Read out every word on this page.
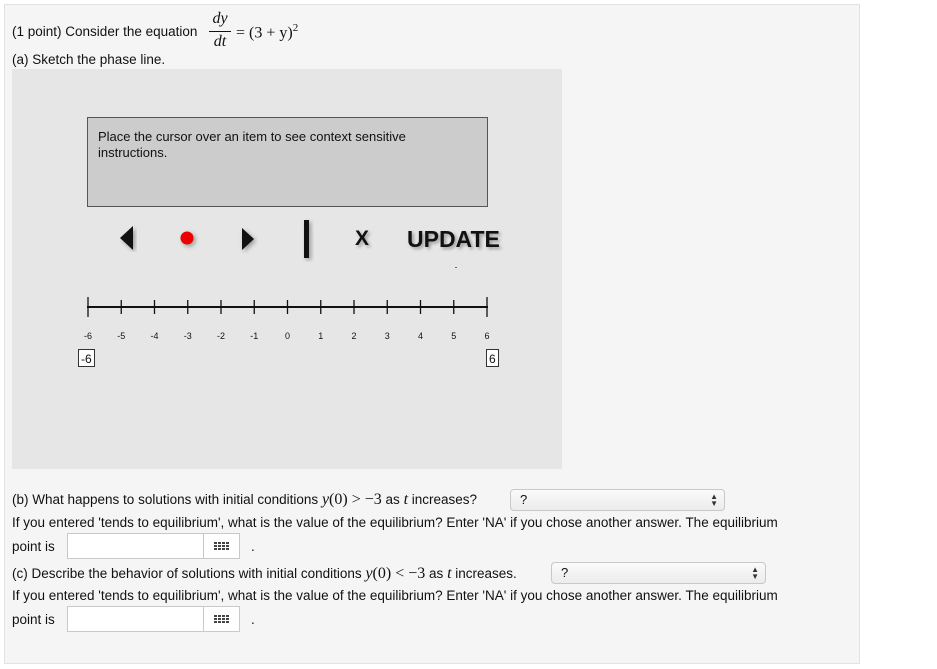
(1 point) Consider the equation
dy
dt
= $(3 + y)^2$
(a) Sketch the phase line.
Place the cursor over an item to see context sensitive instructions.
X UPDATE
-6	-5	-4	-3	-2	-1	0	1	2	3	4	5	6
-6	6
(b) What happens to solutions with initial conditions y(0) > −3 as t increases?	?	▲
▼
If you entered 'tends to equilibrium', what is the value of the equilibrium? Enter 'NA' if you chose another answer. The equilibrium
point is	.
(c) Describe the behavior of solutions with initial conditions y(0) < −3 as t increases.	?	▲
▼
If you entered 'tends to equilibrium', what is the value of the equilibrium? Enter 'NA' if you chose another answer. The equilibrium
point is	.
